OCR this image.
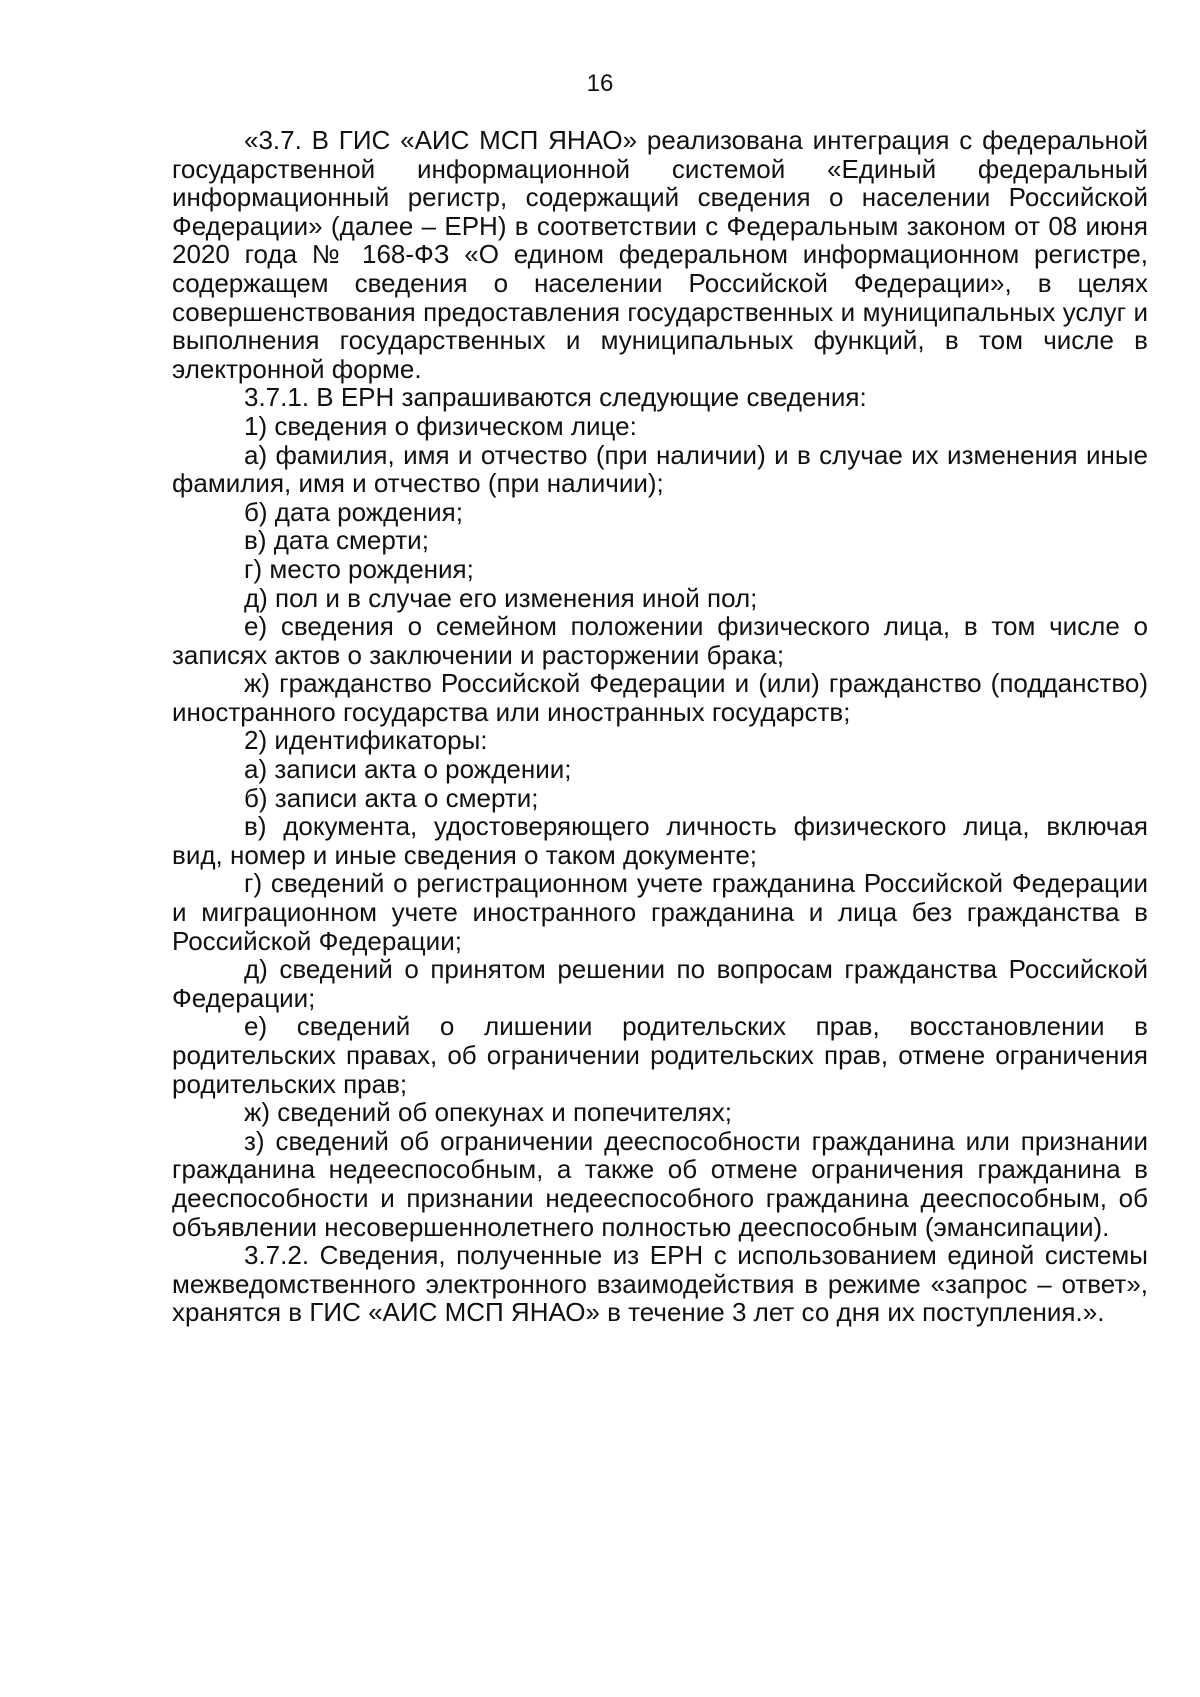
16

«3.7. В ГИС «АИС МСП ЯНАО» реализована интеграция с федеральной государственной информационной системой «Единый федеральный информационный регистр, содержащий сведения о населении Российской Федерации» (далее – ЕРН) в соответствии с Федеральным законом от 08 июня 2020 года № 168-ФЗ «О едином федеральном информационном регистре, содержащем сведения о населении Российской Федерации», в целях совершенствования предоставления государственных и муниципальных услуг и выполнения государственных и муниципальных функций, в том числе в электронной форме.

3.7.1. В ЕРН запрашиваются следующие сведения:

1) сведения о физическом лице:

а) фамилия, имя и отчество (при наличии) и в случае их изменения иные фамилия, имя и отчество (при наличии);

б) дата рождения;

в) дата смерти;

г) место рождения;

д) пол и в случае его изменения иной пол;

е) сведения о семейном положении физического лица, в том числе о записях актов о заключении и расторжении брака;

ж) гражданство Российской Федерации и (или) гражданство (подданство) иностранного государства или иностранных государств;

2) идентификаторы:

а) записи акта о рождении;

б) записи акта о смерти;

в) документа, удостоверяющего личность физического лица, включая вид, номер и иные сведения о таком документе;

г) сведений о регистрационном учете гражданина Российской Федерации и миграционном учете иностранного гражданина и лица без гражданства в Российской Федерации;

д) сведений о принятом решении по вопросам гражданства Российской Федерации;

е) сведений о лишении родительских прав, восстановлении в родительских правах, об ограничении родительских прав, отмене ограничения родительских прав;

ж) сведений об опекунах и попечителях;

з) сведений об ограничении дееспособности гражданина или признании гражданина недееспособным, а также об отмене ограничения гражданина в дееспособности и признании недееспособного гражданина дееспособным, об объявлении несовершеннолетнего полностью дееспособным (эмансипации).

3.7.2. Сведения, полученные из ЕРН с использованием единой системы межведомственного электронного взаимодействия в режиме «запрос – ответ», хранятся в ГИС «АИС МСП ЯНАО» в течение 3 лет со дня их поступления.».
